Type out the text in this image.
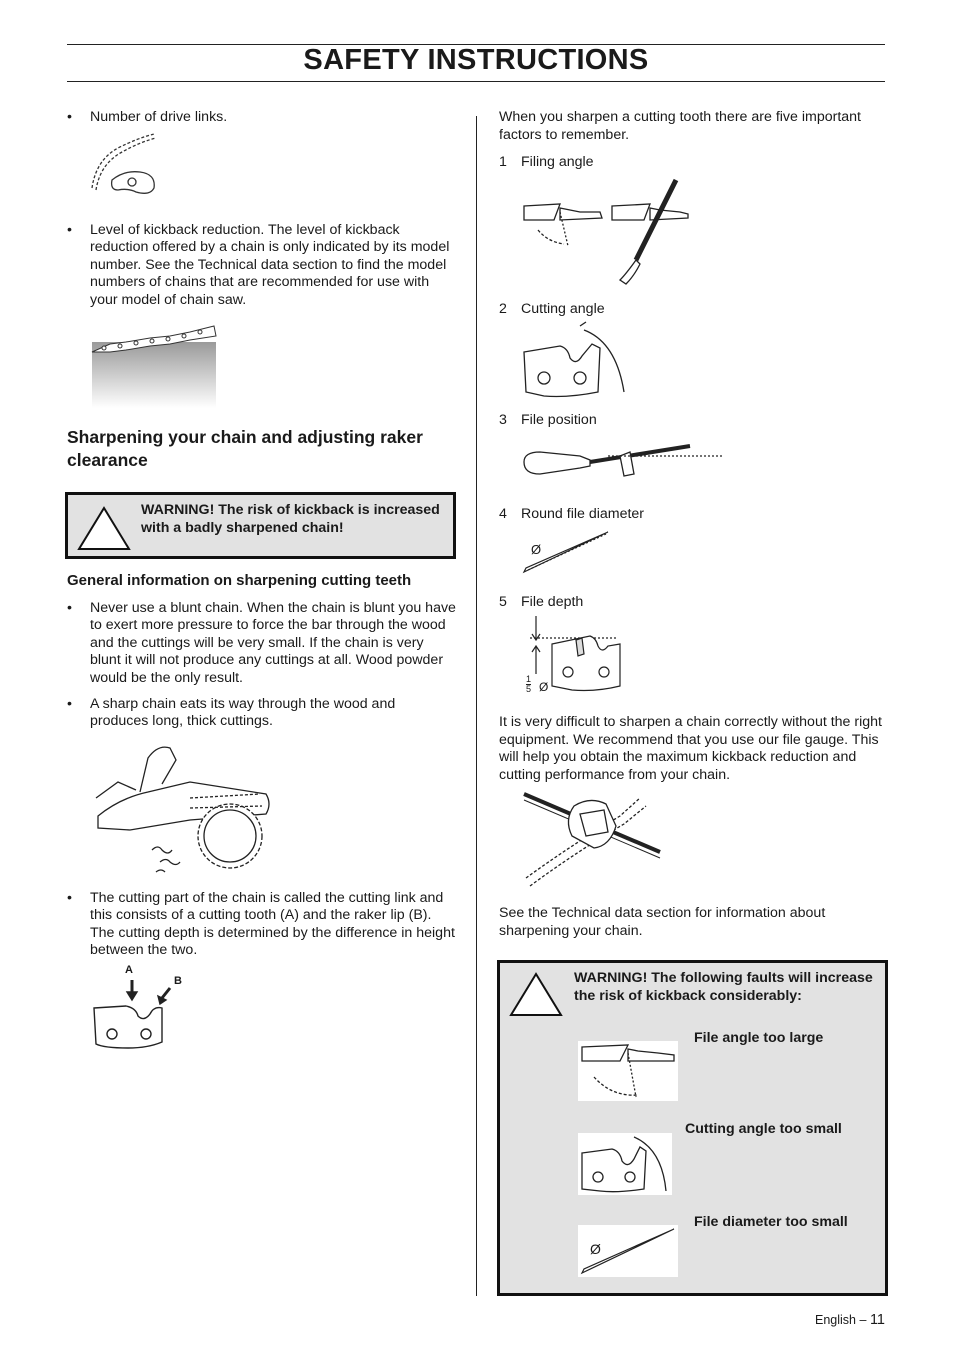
SAFETY INSTRUCTIONS
• Number of drive links.
• Level of kickback reduction. The level of kickback reduction offered by a chain is only indicated by its model number. See the Technical data section to find the model numbers of chains that are recommended for use with your model of chain saw.
Sharpening your chain and adjusting raker clearance
WARNING! The risk of kickback is increased with a badly sharpened chain!
General information on sharpening cutting teeth
• Never use a blunt chain. When the chain is blunt you have to exert more pressure to force the bar through the wood and the cuttings will be very small. If the chain is very blunt it will not produce any cuttings at all. Wood powder would be the only result.
• A sharp chain eats its way through the wood and produces long, thick cuttings.
• The cutting part of the chain is called the cutting link and this consists of a cutting tooth (A) and the raker lip (B). The cutting depth is determined by the difference in height between the two.
A
B
When you sharpen a cutting tooth there are five important factors to remember.
1 Filing angle
2 Cutting angle
3 File position
4 Round file diameter
Ø
5 File depth
$\frac{1}{5}$ Ø
It is very difficult to sharpen a chain correctly without the right equipment. We recommend that you use our file gauge. This will help you obtain the maximum kickback reduction and cutting performance from your chain.
See the Technical data section for information about sharpening your chain.
WARNING! The following faults will increase the risk of kickback considerably:
File angle too large
Cutting angle too small
File diameter too small
Ø
English – 11
